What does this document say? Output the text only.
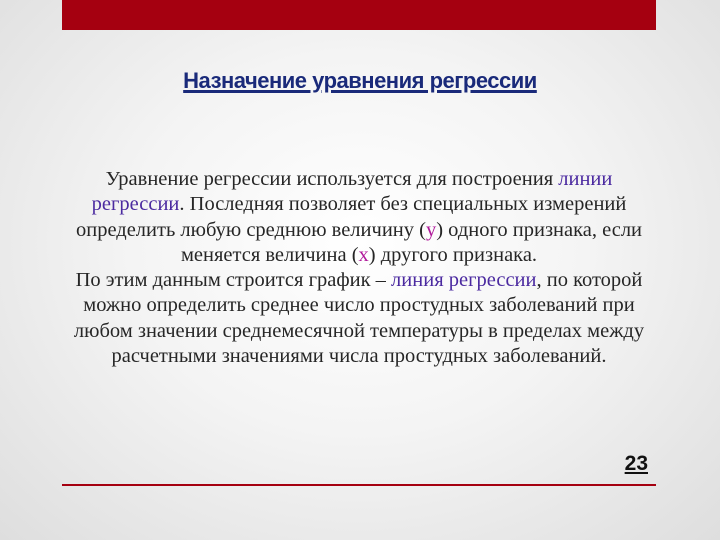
Назначение уравнения регрессии

Уравнение регрессии используется для построения линии регрессии. Последняя позволяет без специальных измерений определить любую среднюю величину (у) одного признака, если меняется величина (х) другого признака.

По этим данным строится график – линия регрессии, по которой можно определить среднее число простудных заболеваний при любом значении среднемесячной температуры в пределах между расчетными значениями числа простудных заболеваний.

23
